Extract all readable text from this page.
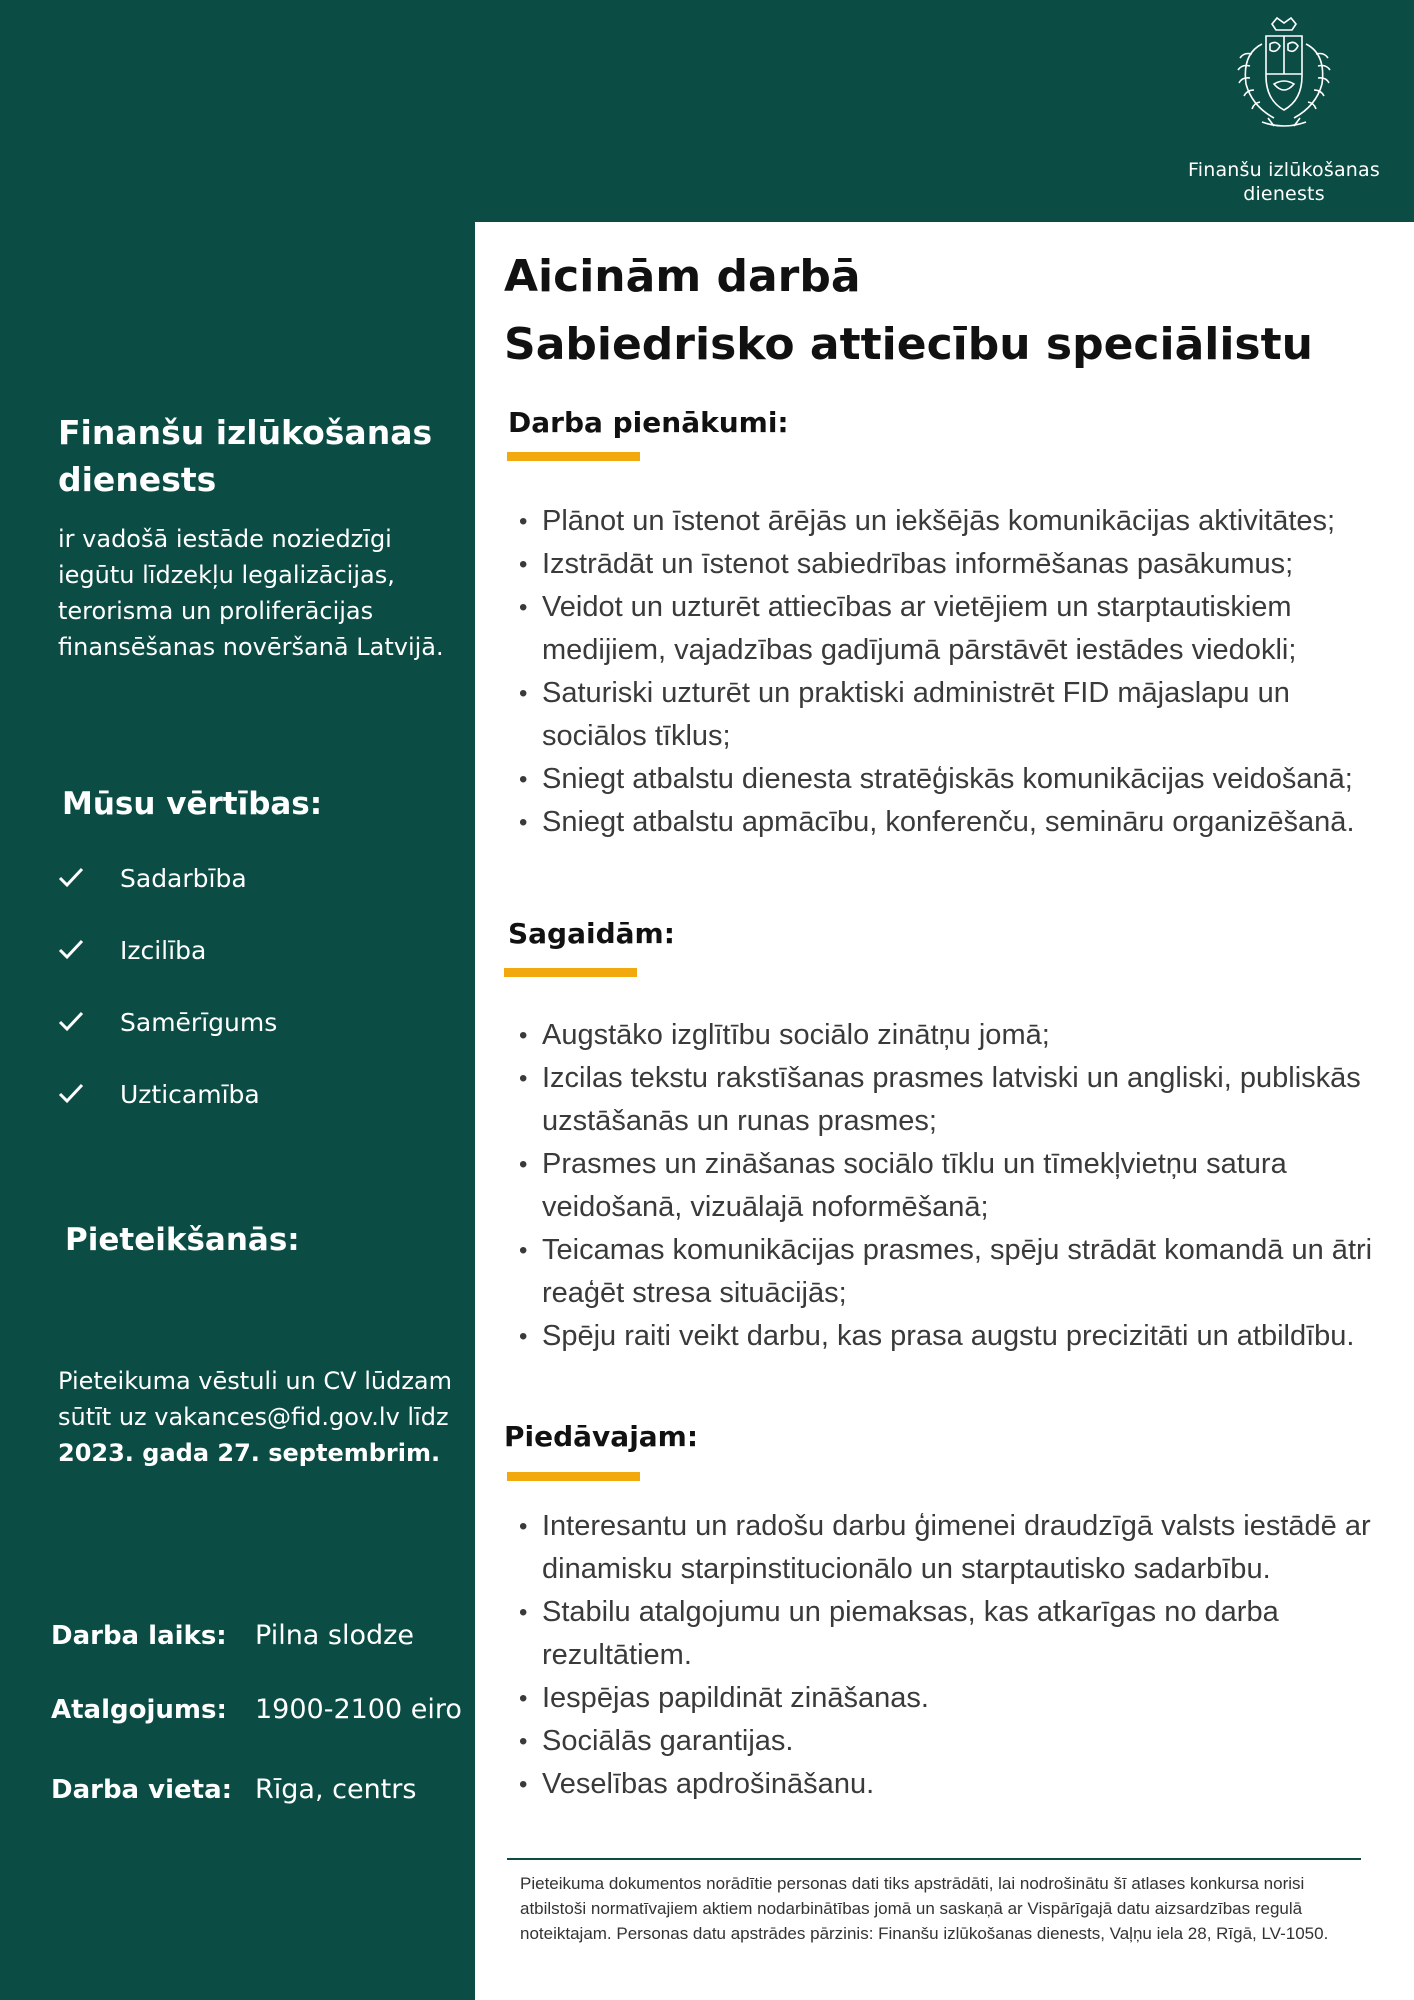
Finanšu izlūkošanas dienests
Finanšu izlūkošanas dienests
ir vadošā iestāde noziedzīgi iegūtu līdzekļu legalizācijas, terorisma un proliferācijas finansēšanas novēršanā Latvijā.
Mūsu vērtības:
Sadarbība
Izcilība
Samērīgums
Uzticamība
Pieteikšanās:
Pieteikuma vēstuli un CV lūdzam sūtīt uz vakances@fid.gov.lv līdz
2023. gada 27. septembrim.
Darba laiks:	Pilna slodze
Atalgojums:	1900-2100 eiro
Darba vieta: Rīga, centrs
Aicinām darbā
Sabiedrisko attiecību speciālistu
Darba pienākumi:
• Plānot un īstenot ārējās un iekšējās komunikācijas aktivitātes;
• Izstrādāt un īstenot sabiedrības informēšanas pasākumus;
• Veidot un uzturēt attiecības ar vietējiem un starptautiskiem medijiem, vajadzības gadījumā pārstāvēt iestādes viedokli;
• Saturiski uzturēt un praktiski administrēt FID mājaslapu un sociālos tīklus;
• Sniegt atbalstu dienesta stratēģiskās komunikācijas veidošanā;
• Sniegt atbalstu apmācību, konferenču, semināru organizēšanā.
Sagaidām:
• Augstāko izglītību sociālo zinātņu jomā;
• Izcilas tekstu rakstīšanas prasmes latviski un angliski, publiskās uzstāšanās un runas prasmes;
• Prasmes un zināšanas sociālo tīklu un tīmekļvietņu satura veidošanā, vizuālajā noformēšanā;
• Teicamas komunikācijas prasmes, spēju strādāt komandā un ātri reaģēt stresa situācijās;
• Spēju raiti veikt darbu, kas prasa augstu precizitāti un atbildību.
Piedāvajam:
• Interesantu un radošu darbu ģimenei draudzīgā valsts iestādē ar dinamisku starpinstitucionālo un starptautisko sadarbību.
• Stabilu atalgojumu un piemaksas, kas atkarīgas no darba rezultātiem.
• Iespējas papildināt zināšanas.
• Sociālās garantijas.
• Veselības apdrošināšanu.
Pieteikuma dokumentos norādītie personas dati tiks apstrādāti, lai nodrošinātu šī atlases konkursa norisi atbilstoši normatīvajiem aktiem nodarbinātības jomā un saskaņā ar Vispārīgajā datu aizsardzības regulā noteiktajam. Personas datu apstrādes pārzinis: Finanšu izlūkošanas dienests, Vaļņu iela 28, Rīgā, LV-1050.
